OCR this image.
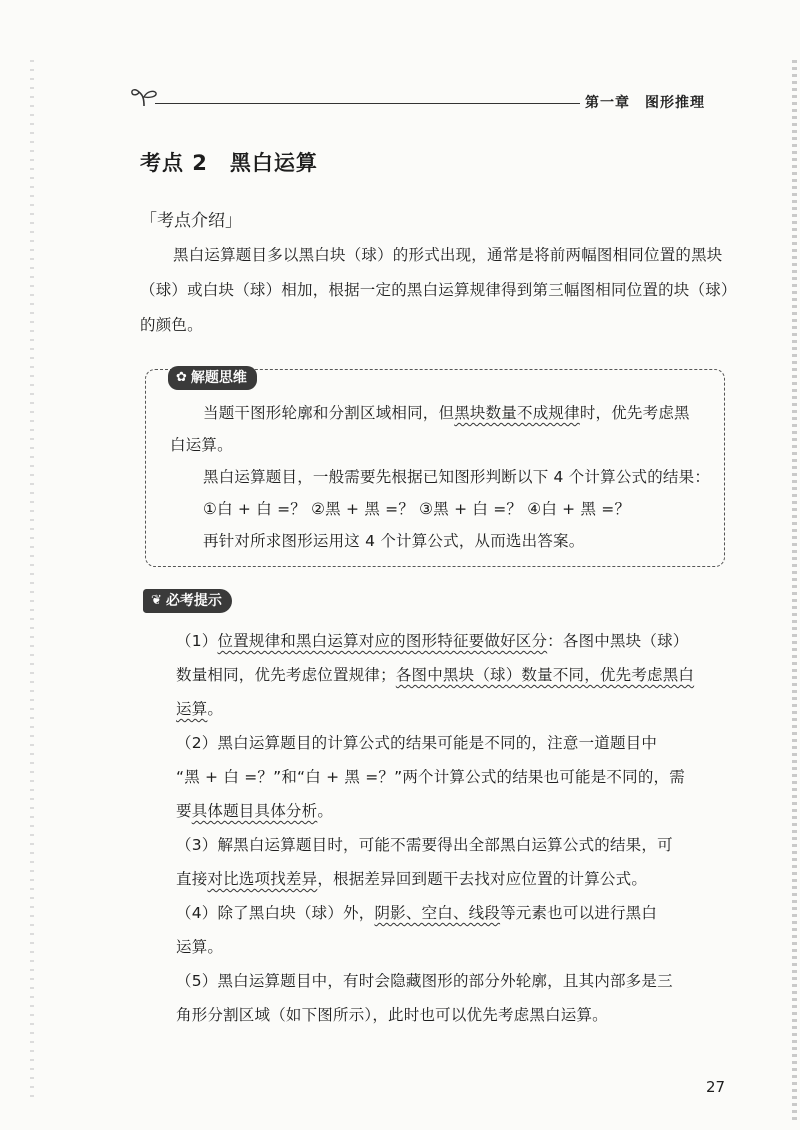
第一章　图形推理
考点 2　黑白运算
「考点介绍」
黑白运算题目多以黑白块（球）的形式出现，通常是将前两幅图相同位置的黑块
（球）或白块（球）相加，根据一定的黑白运算规律得到第三幅图相同位置的块（球）
的颜色。
✿ 解题思维
当题干图形轮廓和分割区域相同，但黑块数量不成规律时，优先考虑黑
白运算。
黑白运算题目，一般需要先根据已知图形判断以下 4 个计算公式的结果：
①白 + 白 =？ ②黑 + 黑 =？ ③黑 + 白 =？ ④白 + 黑 =？
再针对所求图形运用这 4 个计算公式，从而选出答案。
❦ 必考提示
（1）位置规律和黑白运算对应的图形特征要做好区分：各图中黑块（球）
数量相同，优先考虑位置规律；各图中黑块（球）数量不同，优先考虑黑白
运算。
（2）黑白运算题目的计算公式的结果可能是不同的，注意一道题目中
“黑 + 白 =？”和“白 + 黑 =？”两个计算公式的结果也可能是不同的，需
要具体题目具体分析。
（3）解黑白运算题目时，可能不需要得出全部黑白运算公式的结果，可
直接对比选项找差异，根据差异回到题干去找对应位置的计算公式。
（4）除了黑白块（球）外，阴影、空白、线段等元素也可以进行黑白
运算。
（5）黑白运算题目中，有时会隐藏图形的部分外轮廓，且其内部多是三
角形分割区域（如下图所示），此时也可以优先考虑黑白运算。
27
